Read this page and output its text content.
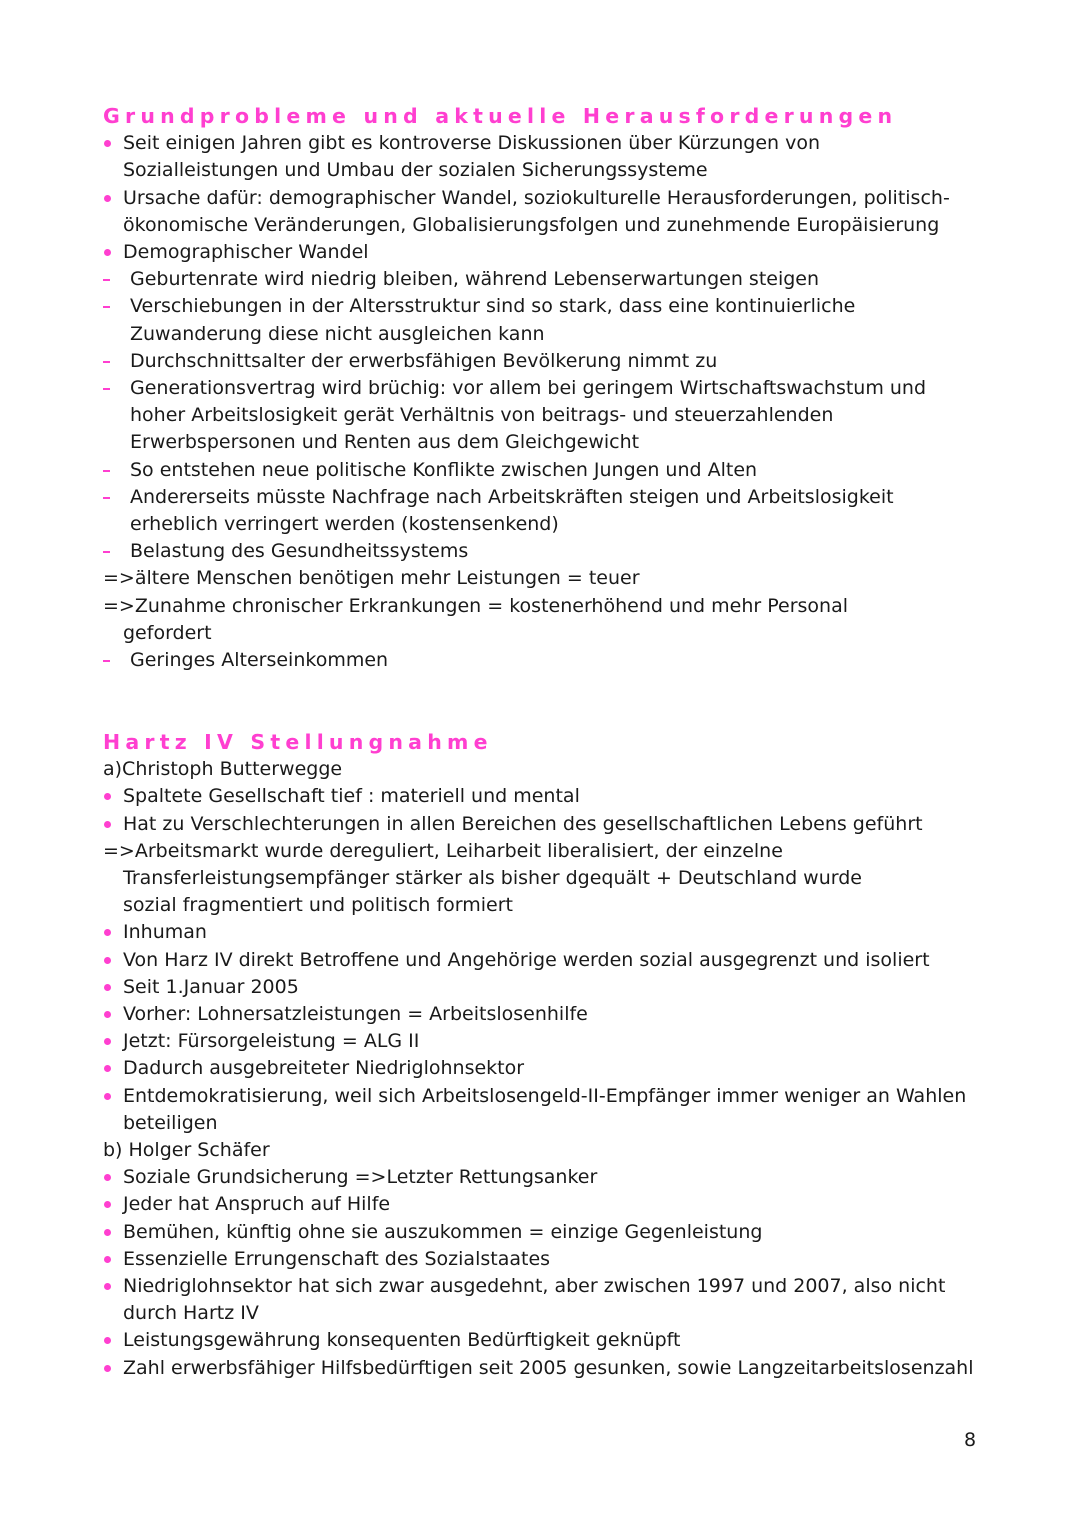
Grundprobleme und aktuelle Herausforderungen
Seit einigen Jahren gibt es kontroverse Diskussionen über Kürzungen von
Sozialleistungen und Umbau der sozialen Sicherungssysteme
Ursache dafür: demographischer Wandel, soziokulturelle Herausforderungen, politisch-
ökonomische Veränderungen, Globalisierungsfolgen und zunehmende Europäisierung
Demographischer Wandel
Geburtenrate wird niedrig bleiben, während Lebenserwartungen steigen
Verschiebungen in der Altersstruktur sind so stark, dass eine kontinuierliche
Zuwanderung diese nicht ausgleichen kann
Durchschnittsalter der erwerbsfähigen Bevölkerung nimmt zu
Generationsvertrag wird brüchig: vor allem bei geringem Wirtschaftswachstum und
hoher Arbeitslosigkeit gerät Verhältnis von beitrags- und steuerzahlenden
Erwerbspersonen und Renten aus dem Gleichgewicht
So entstehen neue politische Konflikte zwischen Jungen und Alten
Andererseits müsste Nachfrage nach Arbeitskräften steigen und Arbeitslosigkeit
erheblich verringert werden (kostensenkend)
Belastung des Gesundheitssystems
=>ältere Menschen benötigen mehr Leistungen = teuer
=>Zunahme chronischer Erkrankungen = kostenerhöhend und mehr Personal
gefordert
Geringes Alterseinkommen
Hartz IV Stellungnahme
a)Christoph Butterwegge
Spaltete Gesellschaft tief : materiell und mental
Hat zu Verschlechterungen in allen Bereichen des gesellschaftlichen Lebens geführt
=>Arbeitsmarkt wurde dereguliert, Leiharbeit liberalisiert, der einzelne
Transferleistungsempfänger stärker als bisher dgequält + Deutschland wurde
sozial fragmentiert und politisch formiert
Inhuman
Von Harz IV direkt Betroffene und Angehörige werden sozial ausgegrenzt und isoliert
Seit 1.Januar 2005
Vorher: Lohnersatzleistungen = Arbeitslosenhilfe
Jetzt: Fürsorgeleistung = ALG II
Dadurch ausgebreiteter Niedriglohnsektor
Entdemokratisierung, weil sich Arbeitslosengeld-II-Empfänger immer weniger an Wahlen
beteiligen
b) Holger Schäfer
Soziale Grundsicherung =>Letzter Rettungsanker
Jeder hat Anspruch auf Hilfe
Bemühen, künftig ohne sie auszukommen = einzige Gegenleistung
Essenzielle Errungenschaft des Sozialstaates
Niedriglohnsektor hat sich zwar ausgedehnt, aber zwischen 1997 und 2007, also nicht
durch Hartz IV
Leistungsgewährung konsequenten Bedürftigkeit geknüpft
Zahl erwerbsfähiger Hilfsbedürftigen seit 2005 gesunken, sowie Langzeitarbeitslosenzahl
8
